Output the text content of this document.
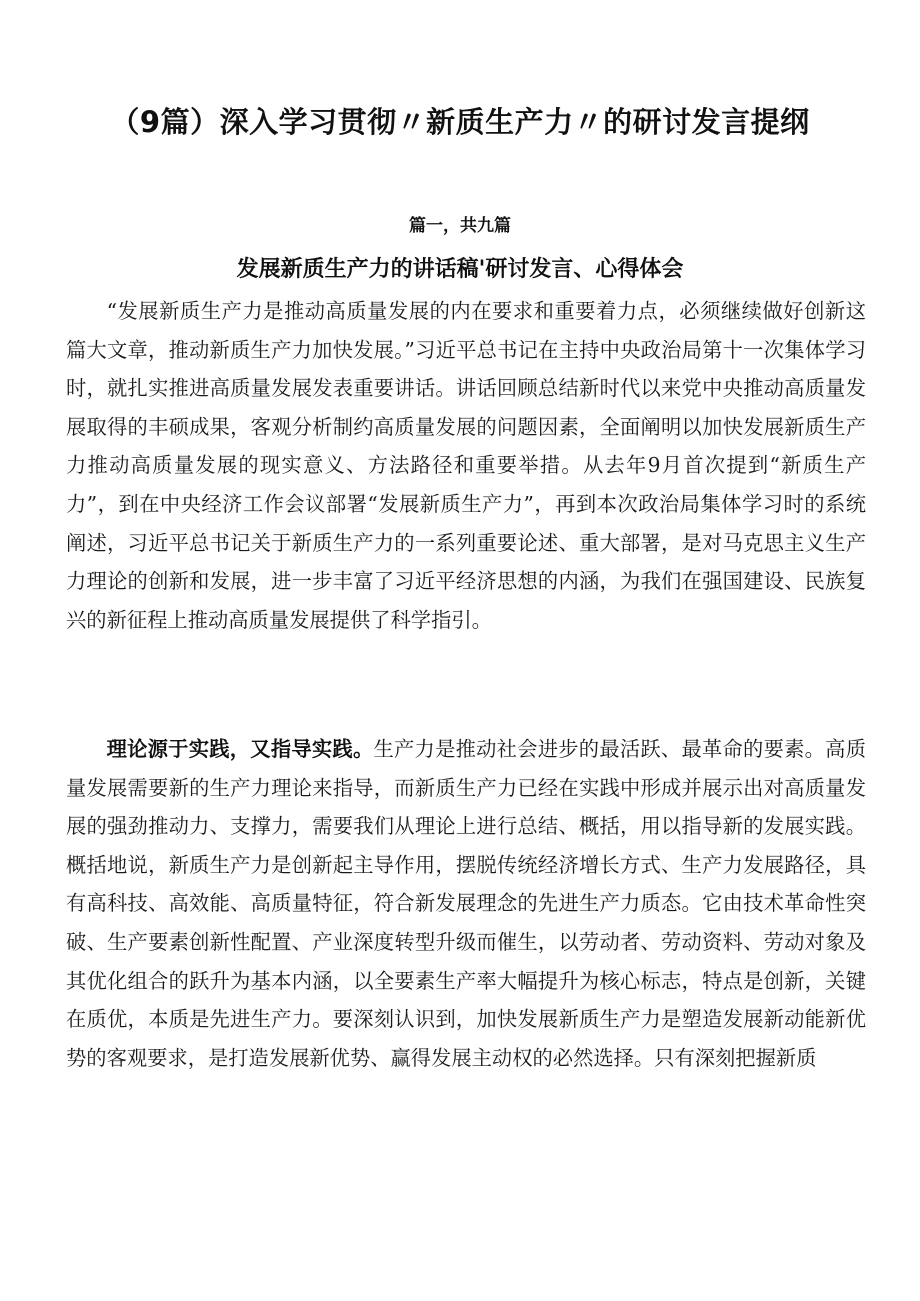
（9篇）深入学习贯彻〃新质生产力〃的研讨发言提纲
篇一，共九篇
发展新质生产力的讲话稿'研讨发言、心得体会

“发展新质生产力是推动高质量发展的内在要求和重要着力点，必须继续做好创新这篇大文章，推动新质生产力加快发展。”习近平总书记在主持中央政治局第十一次集体学习时，就扎实推进高质量发展发表重要讲话。讲话回顾总结新时代以来党中央推动高质量发展取得的丰硕成果，客观分析制约高质量发展的问题因素，全面阐明以加快发展新质生产力推动高质量发展的现实意义、方法路径和重要举措。从去年9月首次提到“新质生产力”，到在中央经济工作会议部署“发展新质生产力”，再到本次政治局集体学习时的系统阐述，习近平总书记关于新质生产力的一系列重要论述、重大部署，是对马克思主义生产力理论的创新和发展，进一步丰富了习近平经济思想的内涵，为我们在强国建设、民族复兴的新征程上推动高质量发展提供了科学指引。

理论源于实践，又指导实践。生产力是推动社会进步的最活跃、最革命的要素。高质量发展需要新的生产力理论来指导，而新质生产力已经在实践中形成并展示出对高质量发展的强劲推动力、支撑力，需要我们从理论上进行总结、概括，用以指导新的发展实践。概括地说，新质生产力是创新起主导作用，摆脱传统经济增长方式、生产力发展路径，具有高科技、高效能、高质量特征，符合新发展理念的先进生产力质态。它由技术革命性突破、生产要素创新性配置、产业深度转型升级而催生，以劳动者、劳动资料、劳动对象及其优化组合的跃升为基本内涵，以全要素生产率大幅提升为核心标志，特点是创新，关键在质优，本质是先进生产力。要深刻认识到，加快发展新质生产力是塑造发展新动能新优势的客观要求，是打造发展新优势、赢得发展主动权的必然选择。只有深刻把握新质
